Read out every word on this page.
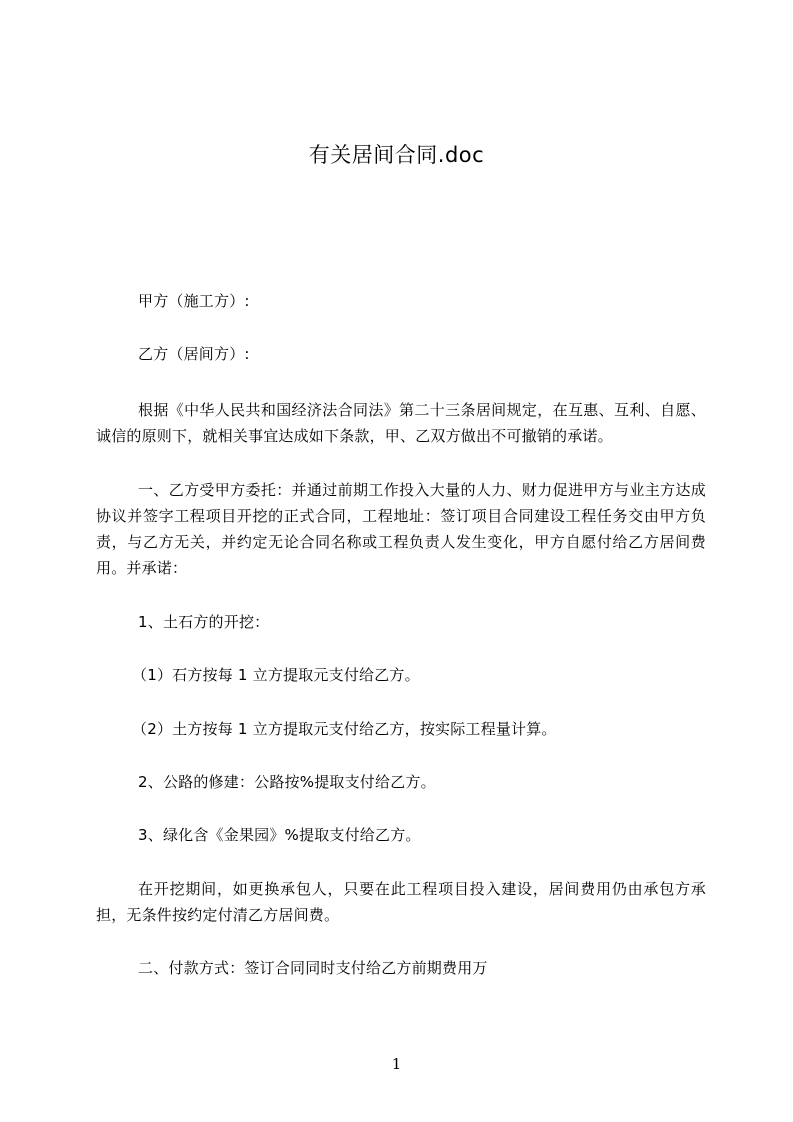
有关居间合同.doc

甲方（施工方）:

乙方（居间方）:

根据《中华人民共和国经济法合同法》第二十三条居间规定，在互惠、互利、自愿、诚信的原则下，就相关事宜达成如下条款，甲、乙双方做出不可撤销的承诺。

一、乙方受甲方委托：并通过前期工作投入大量的人力、财力促进甲方与业主方达成协议并签字工程项目开挖的正式合同，工程地址：签订项目合同建设工程任务交由甲方负责，与乙方无关，并约定无论合同名称或工程负责人发生变化，甲方自愿付给乙方居间费用。并承诺：

1、土石方的开挖：

（1）石方按每 1 立方提取元支付给乙方。

（2）土方按每 1 立方提取元支付给乙方，按实际工程量计算。

2、公路的修建：公路按%提取支付给乙方。

3、绿化含《金果园》%提取支付给乙方。

在开挖期间，如更换承包人，只要在此工程项目投入建设，居间费用仍由承包方承担，无条件按约定付清乙方居间费。

二、付款方式：签订合同同时支付给乙方前期费用万

1
